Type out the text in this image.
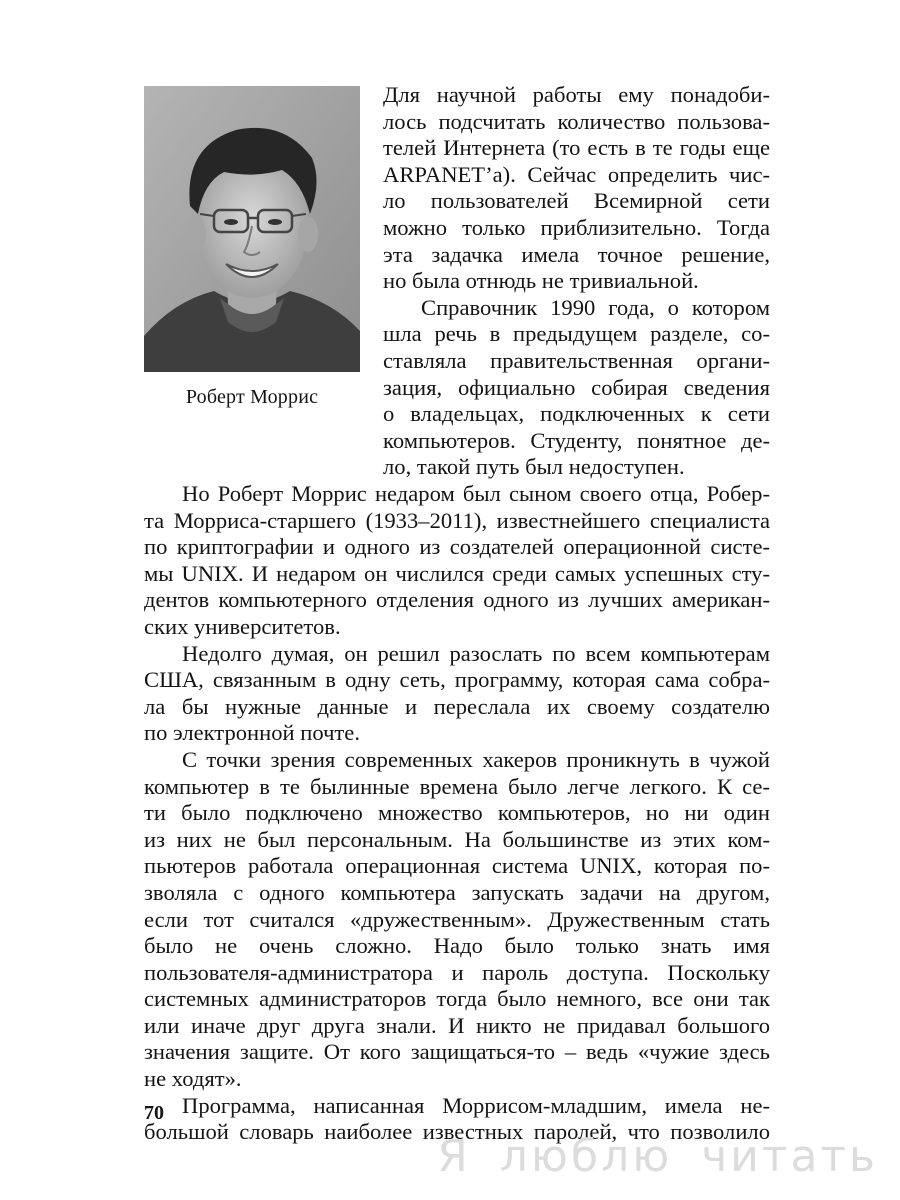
Роберт Моррис
Для научной работы ему понадоби-
лось подсчитать количество пользова-
телей Интернета (то есть в те годы еще
ARPANET’а). Сейчас определить чис-
ло пользователей Всемирной сети
можно только приблизительно. Тогда
эта задачка имела точное решение,
но была отнюдь не тривиальной.
Справочник 1990 года, о котором
шла речь в предыдущем разделе, со-
ставляла правительственная органи-
зация, официально собирая сведения
о владельцах, подключенных к сети
компьютеров. Студенту, понятное де-
ло, такой путь был недоступен.
Но Роберт Моррис недаром был сыном своего отца, Робер-
та Морриса-старшего (1933–2011), известнейшего специалиста
по криптографии и одного из создателей операционной систе-
мы UNIX. И недаром он числился среди самых успешных сту-
дентов компьютерного отделения одного из лучших американ-
ских университетов.
Недолго думая, он решил разослать по всем компьютерам
США, связанным в одну сеть, программу, которая сама собра-
ла бы нужные данные и переслала их своему создателю
по электронной почте.
С точки зрения современных хакеров проникнуть в чужой
компьютер в те былинные времена было легче легкого. К се-
ти было подключено множество компьютеров, но ни один
из них не был персональным. На большинстве из этих ком-
пьютеров работала операционная система UNIX, которая по-
зволяла с одного компьютера запускать задачи на другом,
если тот считался «дружественным». Дружественным стать
было не очень сложно. Надо было только знать имя
пользователя-администратора и пароль доступа. Поскольку
системных администраторов тогда было немного, все они так
или иначе друг друга знали. И никто не придавал большого
значения защите. От кого защищаться-то – ведь «чужие здесь
не ходят».
Программа, написанная Моррисом-младшим, имела не-
большой словарь наиболее известных паролей, что позволило
70
Я люблю читать
